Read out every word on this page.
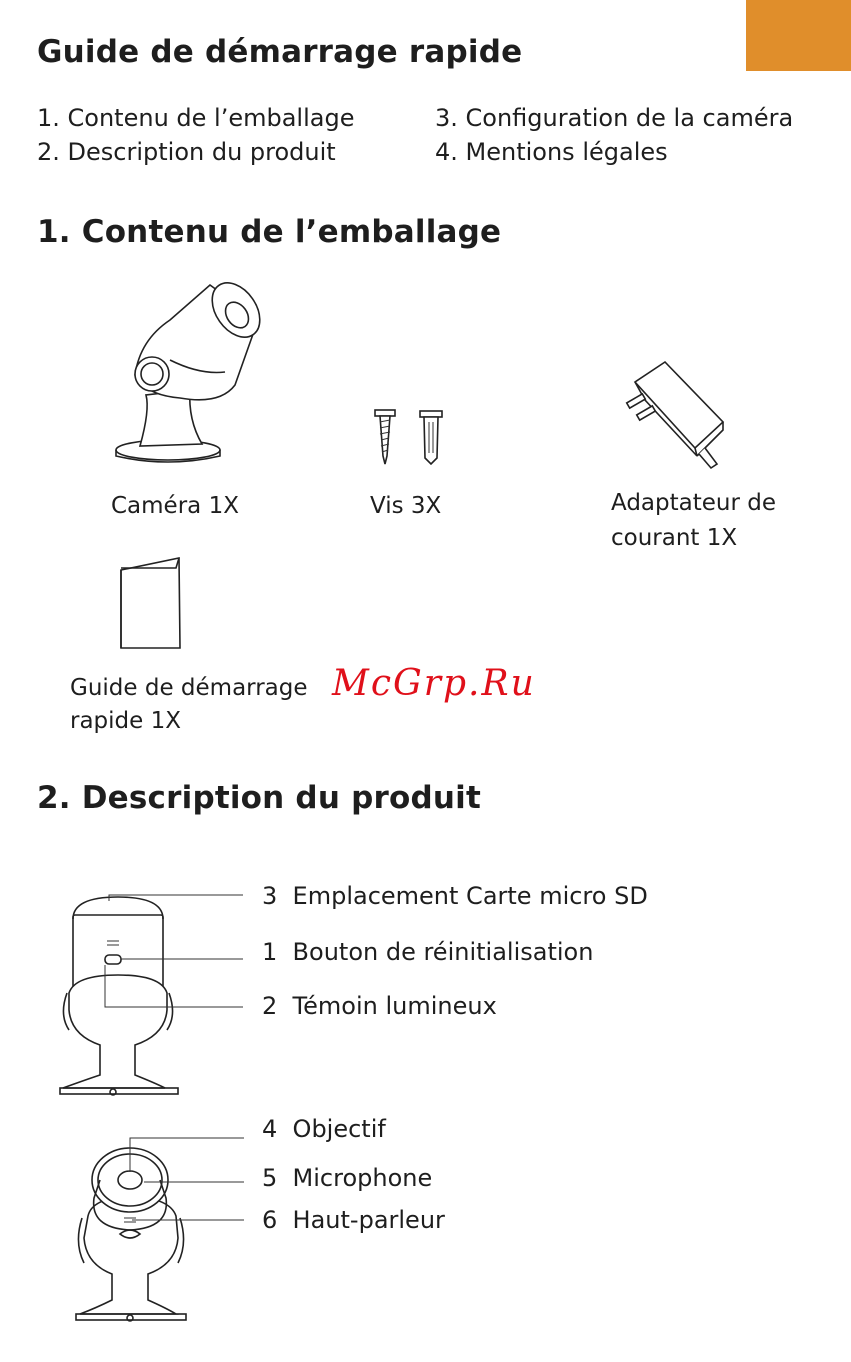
Guide de démarrage rapide
1. Contenu de l’emballage
2. Description du produit
3. Configuration de la caméra
4. Mentions légales
1. Contenu de l’emballage
Caméra 1X	Vis 3X	Adaptateur de
courant 1X
Guide de démarrage
rapide 1X
McGrp.Ru
2. Description du produit
3 Emplacement Carte micro SD
1 Bouton de réinitialisation
2 Témoin lumineux
4 Objectif
5 Microphone
6 Haut-parleur
